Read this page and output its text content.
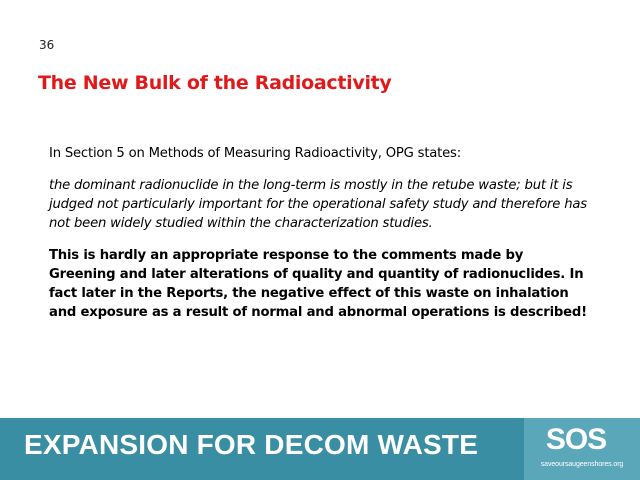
36
The New Bulk of the Radioactivity

In Section 5 on Methods of Measuring Radioactivity, OPG states:

the dominant radionuclide in the long-term is mostly in the retube waste; but it is judged not particularly important for the operational safety study and therefore has not been widely studied within the characterization studies.

This is hardly an appropriate response to the comments made by Greening and later alterations of quality and quantity of radionuclides. In fact later in the Reports, the negative effect of this waste on inhalation and exposure as a result of normal and abnormal operations is described!

EXPANSION FOR DECOM WASTE	SOS
saveoursaugeenshores.org
